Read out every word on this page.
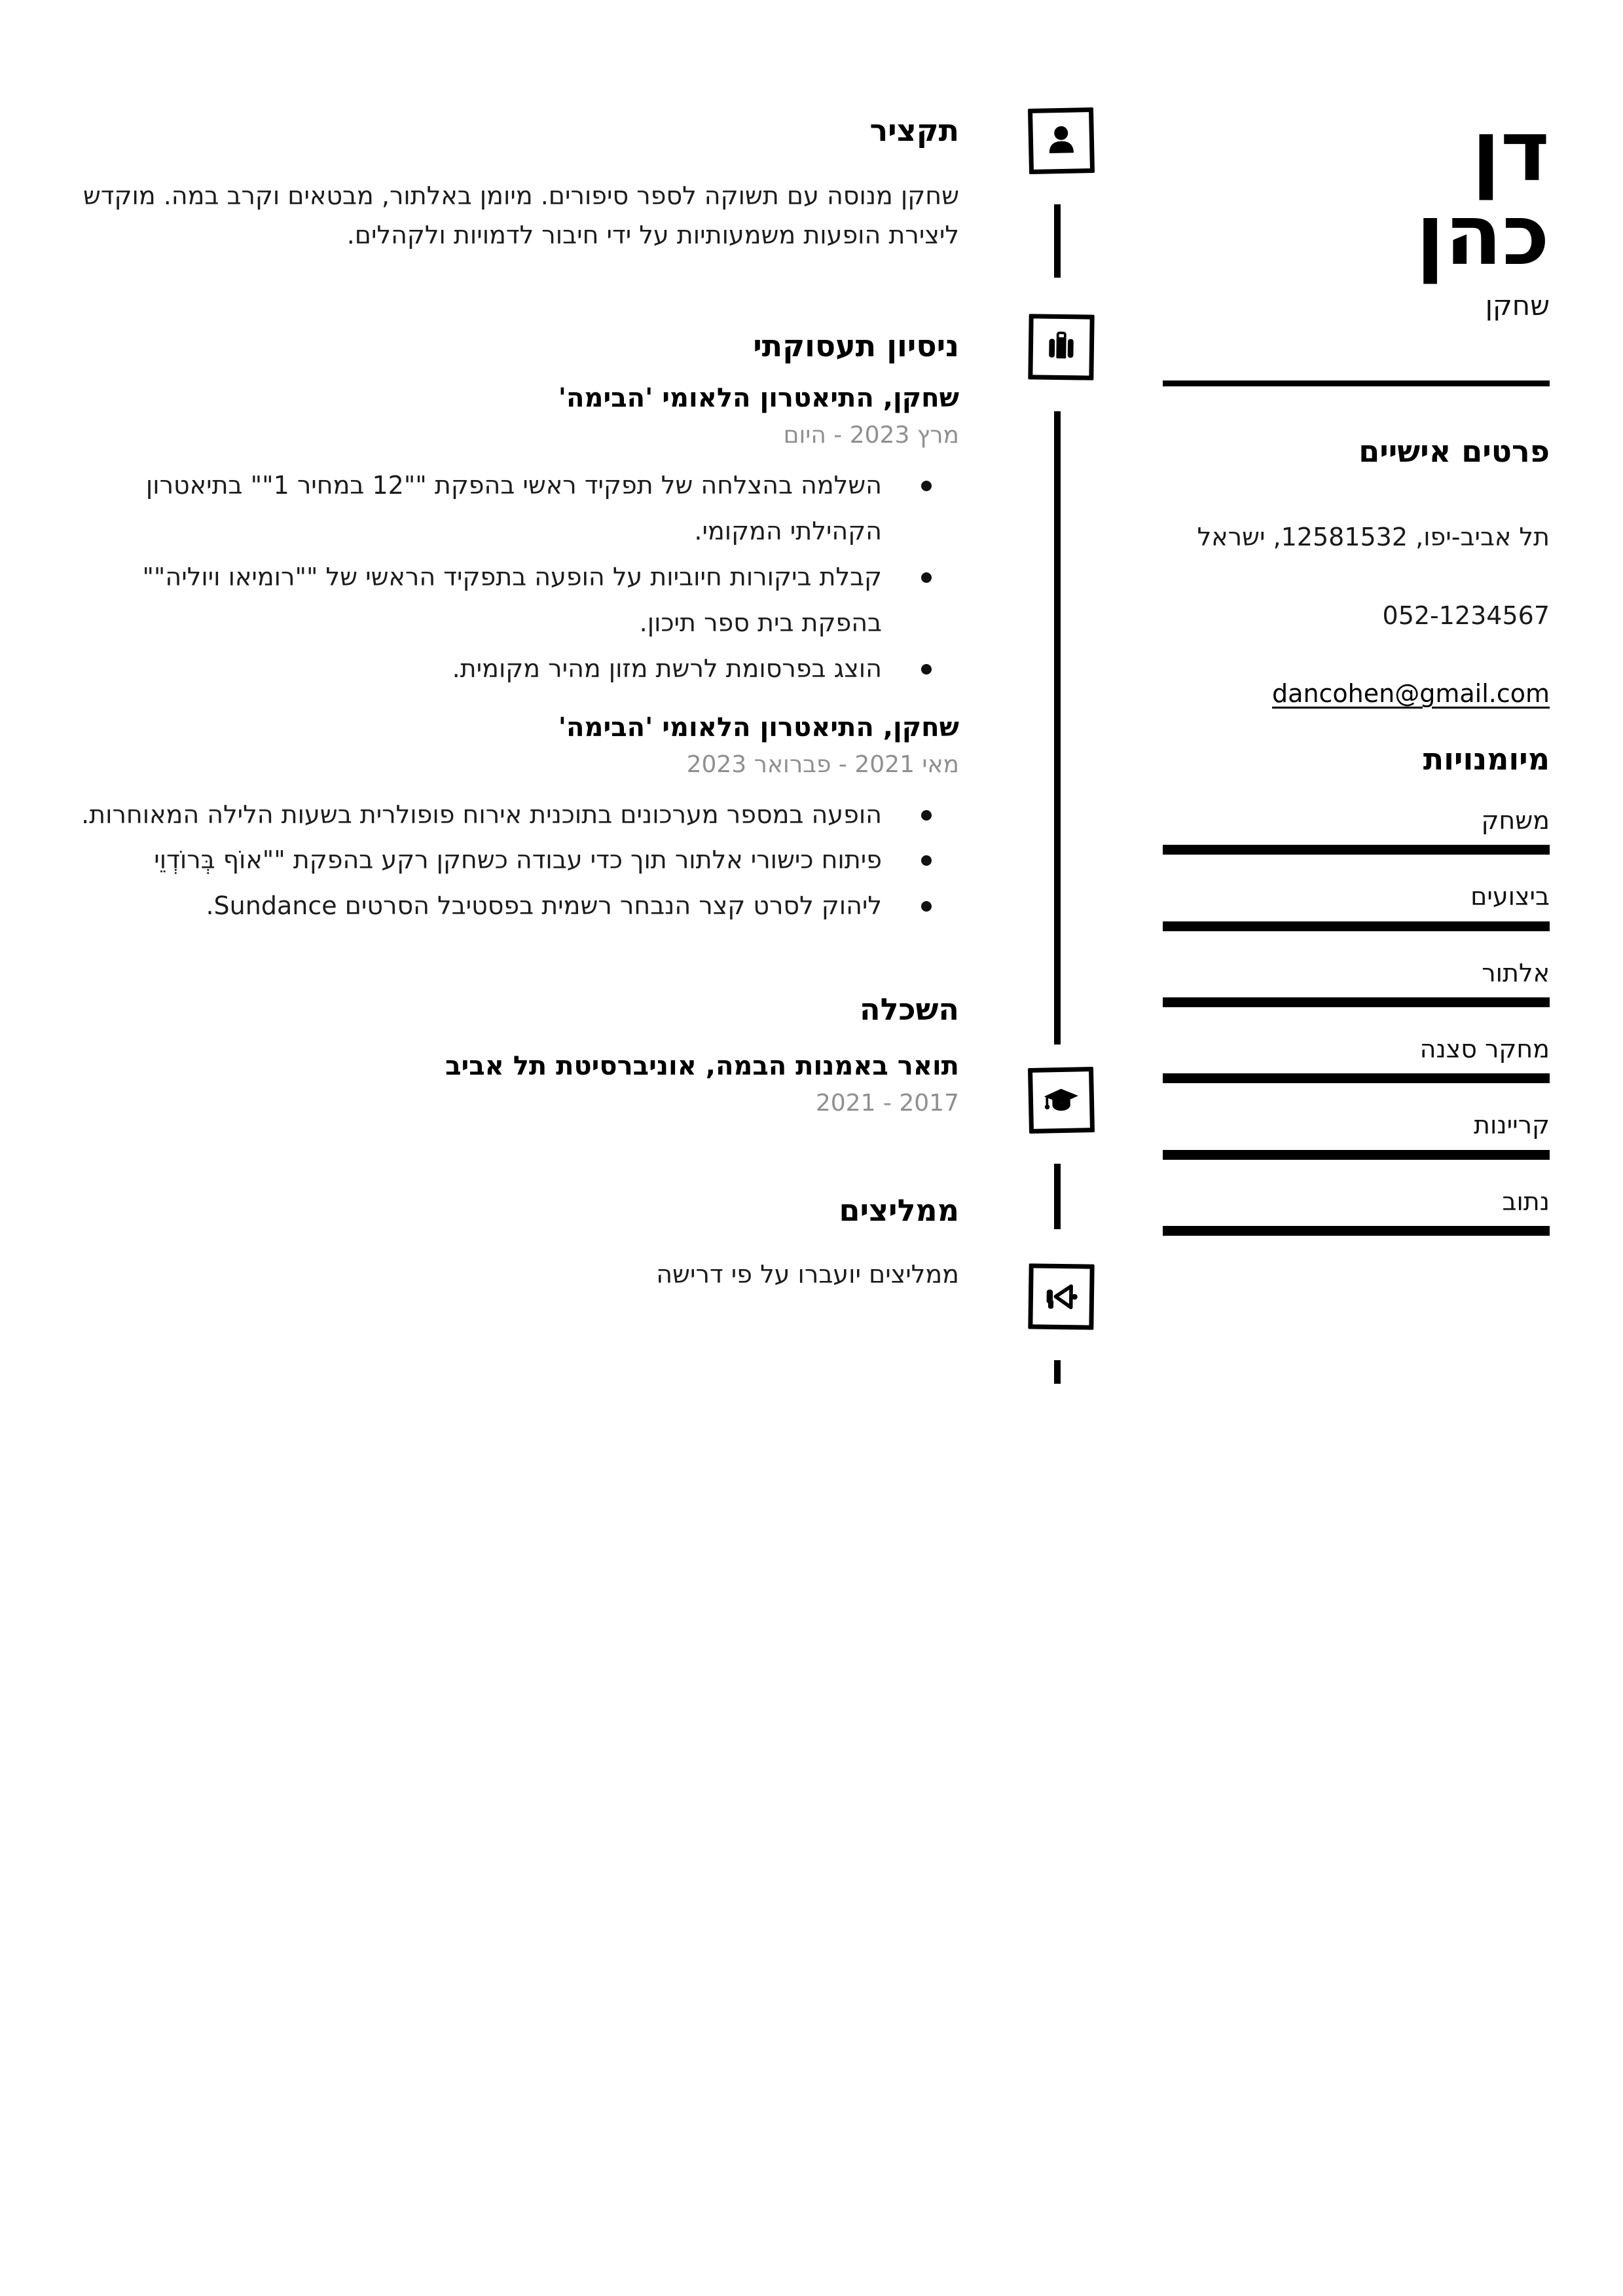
דן
כהן
שחקן
פרטים אישיים

תל אביב-יפו, 12581532, ישראל

052-1234567

dancohen@gmail.com

מיומנויות
משחק
ביצועים
אלתור
מחקר סצנה
קריינות
נתוב
תקציר

שחקן מנוסה עם תשוקה לספר סיפורים. מיומן באלתור, מבטאים וקרב במה. מוקדש ליצירת הופעות משמעותיות על ידי חיבור לדמויות ולקהלים.

ניסיון תעסוקתי
שחקן, התיאטרון הלאומי 'הבימה'
מרץ 2023 - היום
השלמה בהצלחה של תפקיד ראשי בהפקת ""12 במחיר 1"" בתיאטרון הקהילתי המקומי.
קבלת ביקורות חיוביות על הופעה בתפקיד הראשי של ""רומיאו ויוליה"" בהפקת בית ספר תיכון.
הוצג בפרסומת לרשת מזון מהיר מקומית.
שחקן, התיאטרון הלאומי 'הבימה'
מאי 2021 - פברואר 2023
הופעה במספר מערכונים בתוכנית אירוח פופולרית בשעות הלילה המאוחרות.
פיתוח כישורי אלתור תוך כדי עבודה כשחקן רקע בהפקת ""אוֹף בְּרוֹדְוֵי
ליהוק לסרט קצר הנבחר רשמית בפסטיבל הסרטים Sundance.
השכלה
תואר באמנות הבמה, אוניברסיטת תל אביב
2017 - 2021
ממליצים

ממליצים יועברו על פי דרישה
